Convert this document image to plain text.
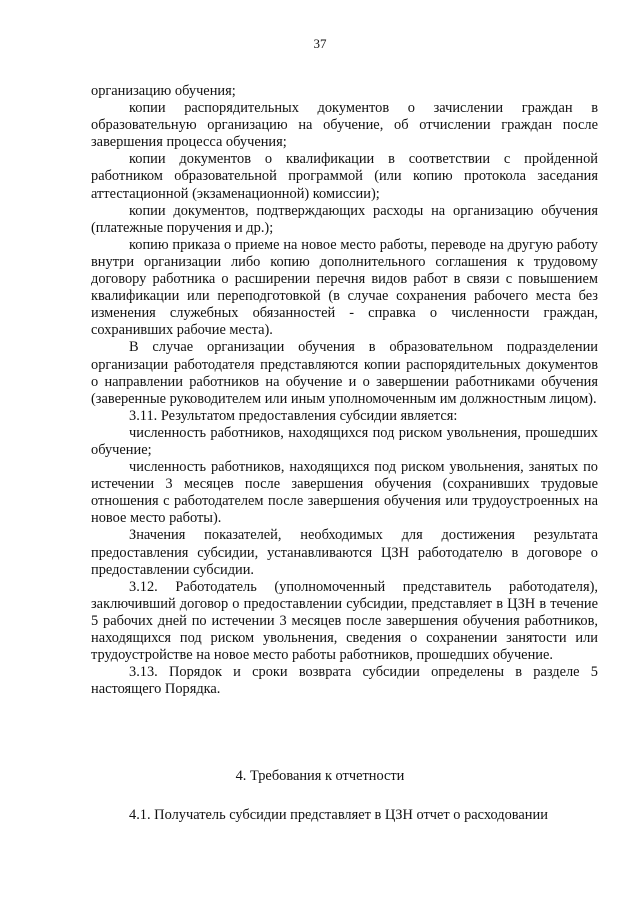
37

организацию обучения;

копии распорядительных документов о зачислении граждан в образовательную организацию на обучение, об отчислении граждан после завершения процесса обучения;

копии документов о квалификации в соответствии с пройденной работником образовательной программой (или копию протокола заседания аттестационной (экзаменационной) комиссии);

копии документов, подтверждающих расходы на организацию обучения (платежные поручения и др.);

копию приказа о приеме на новое место работы, переводе на другую работу внутри организации либо копию дополнительного соглашения к трудовому договору работника о расширении перечня видов работ в связи с повышением квалификации или переподготовкой (в случае сохранения рабочего места без изменения служебных обязанностей - справка о численности граждан, сохранивших рабочие места).

В случае организации обучения в образовательном подразделении организации работодателя представляются копии распорядительных документов о направлении работников на обучение и о завершении работниками обучения (заверенные руководителем или иным уполномоченным им должностным лицом).

3.11. Результатом предоставления субсидии является:

численность работников, находящихся под риском увольнения, прошедших обучение;

численность работников, находящихся под риском увольнения, занятых по истечении 3 месяцев после завершения обучения (сохранивших трудовые отношения с работодателем после завершения обучения или трудоустроенных на новое место работы).

Значения показателей, необходимых для достижения результата предоставления субсидии, устанавливаются ЦЗН работодателю в договоре о предоставлении субсидии.

3.12. Работодатель (уполномоченный представитель работодателя), заключивший договор о предоставлении субсидии, представляет в ЦЗН в течение 5 рабочих дней по истечении 3 месяцев после завершения обучения работников, находящихся под риском увольнения, сведения о сохранении занятости или трудоустройстве на новое место работы работников, прошедших обучение.

3.13. Порядок и сроки возврата субсидии определены в разделе 5 настоящего Порядка.

4. Требования к отчетности

4.1. Получатель субсидии представляет в ЦЗН отчет о расходовании
